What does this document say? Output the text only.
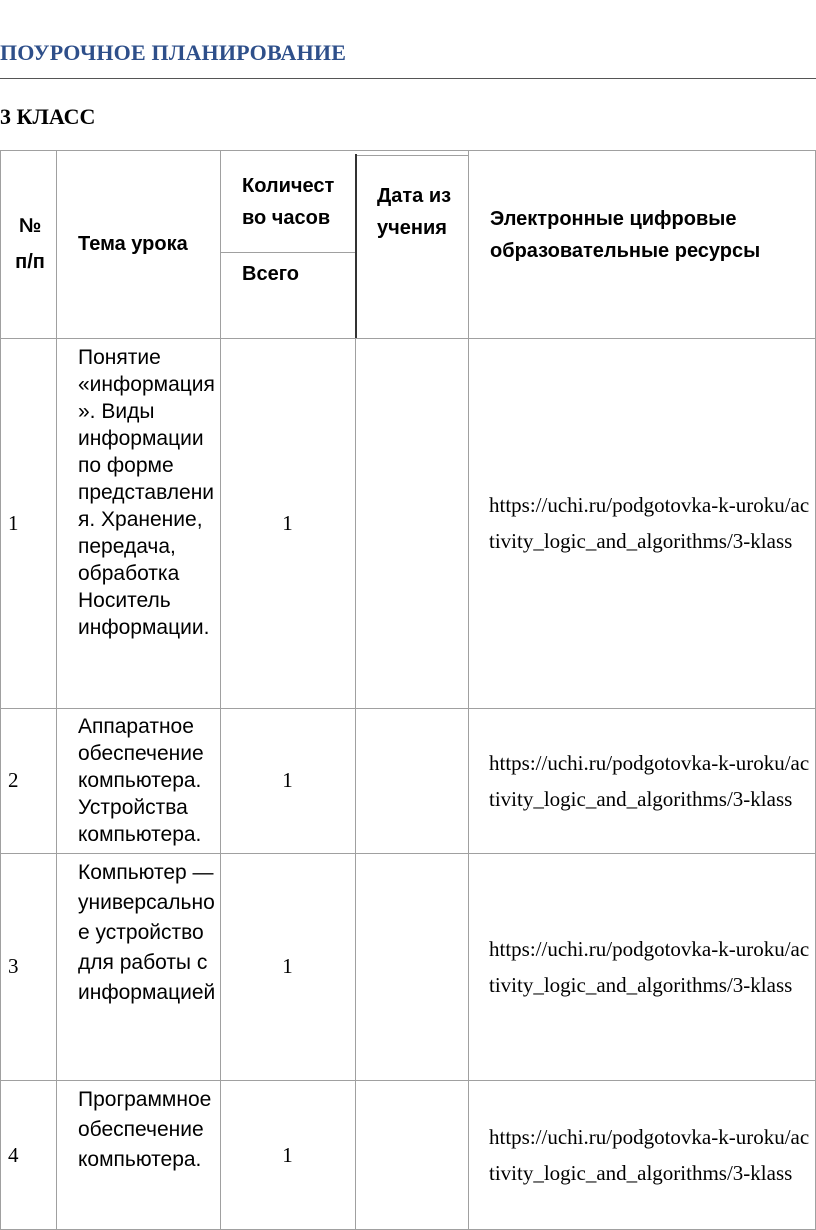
ПОУРОЧНОЕ ПЛАНИРОВАНИЕ
3 КЛАСС
№ п/п
Тема урока
Количество часов
Всего
Дата изучения	Электронные цифровые образовательные ресурсы
1
Понятие «информация». Виды информации по форме представления. Хранение, передача, обработка Носитель информации.
1
https://uchi.ru/podgotovka-k-uroku/activity_logic_and_algorithms/3-klass
2
Аппаратное обеспечение компьютера. Устройства компьютера.
1
https://uchi.ru/podgotovka-k-uroku/activity_logic_and_algorithms/3-klass
3
Компьютер — универсальное устройство для работы с информацией
1
https://uchi.ru/podgotovka-k-uroku/activity_logic_and_algorithms/3-klass
4
Программное обеспечение компьютера.	1
https://uchi.ru/podgotovka-k-uroku/activity_logic_and_algorithms/3-klass
